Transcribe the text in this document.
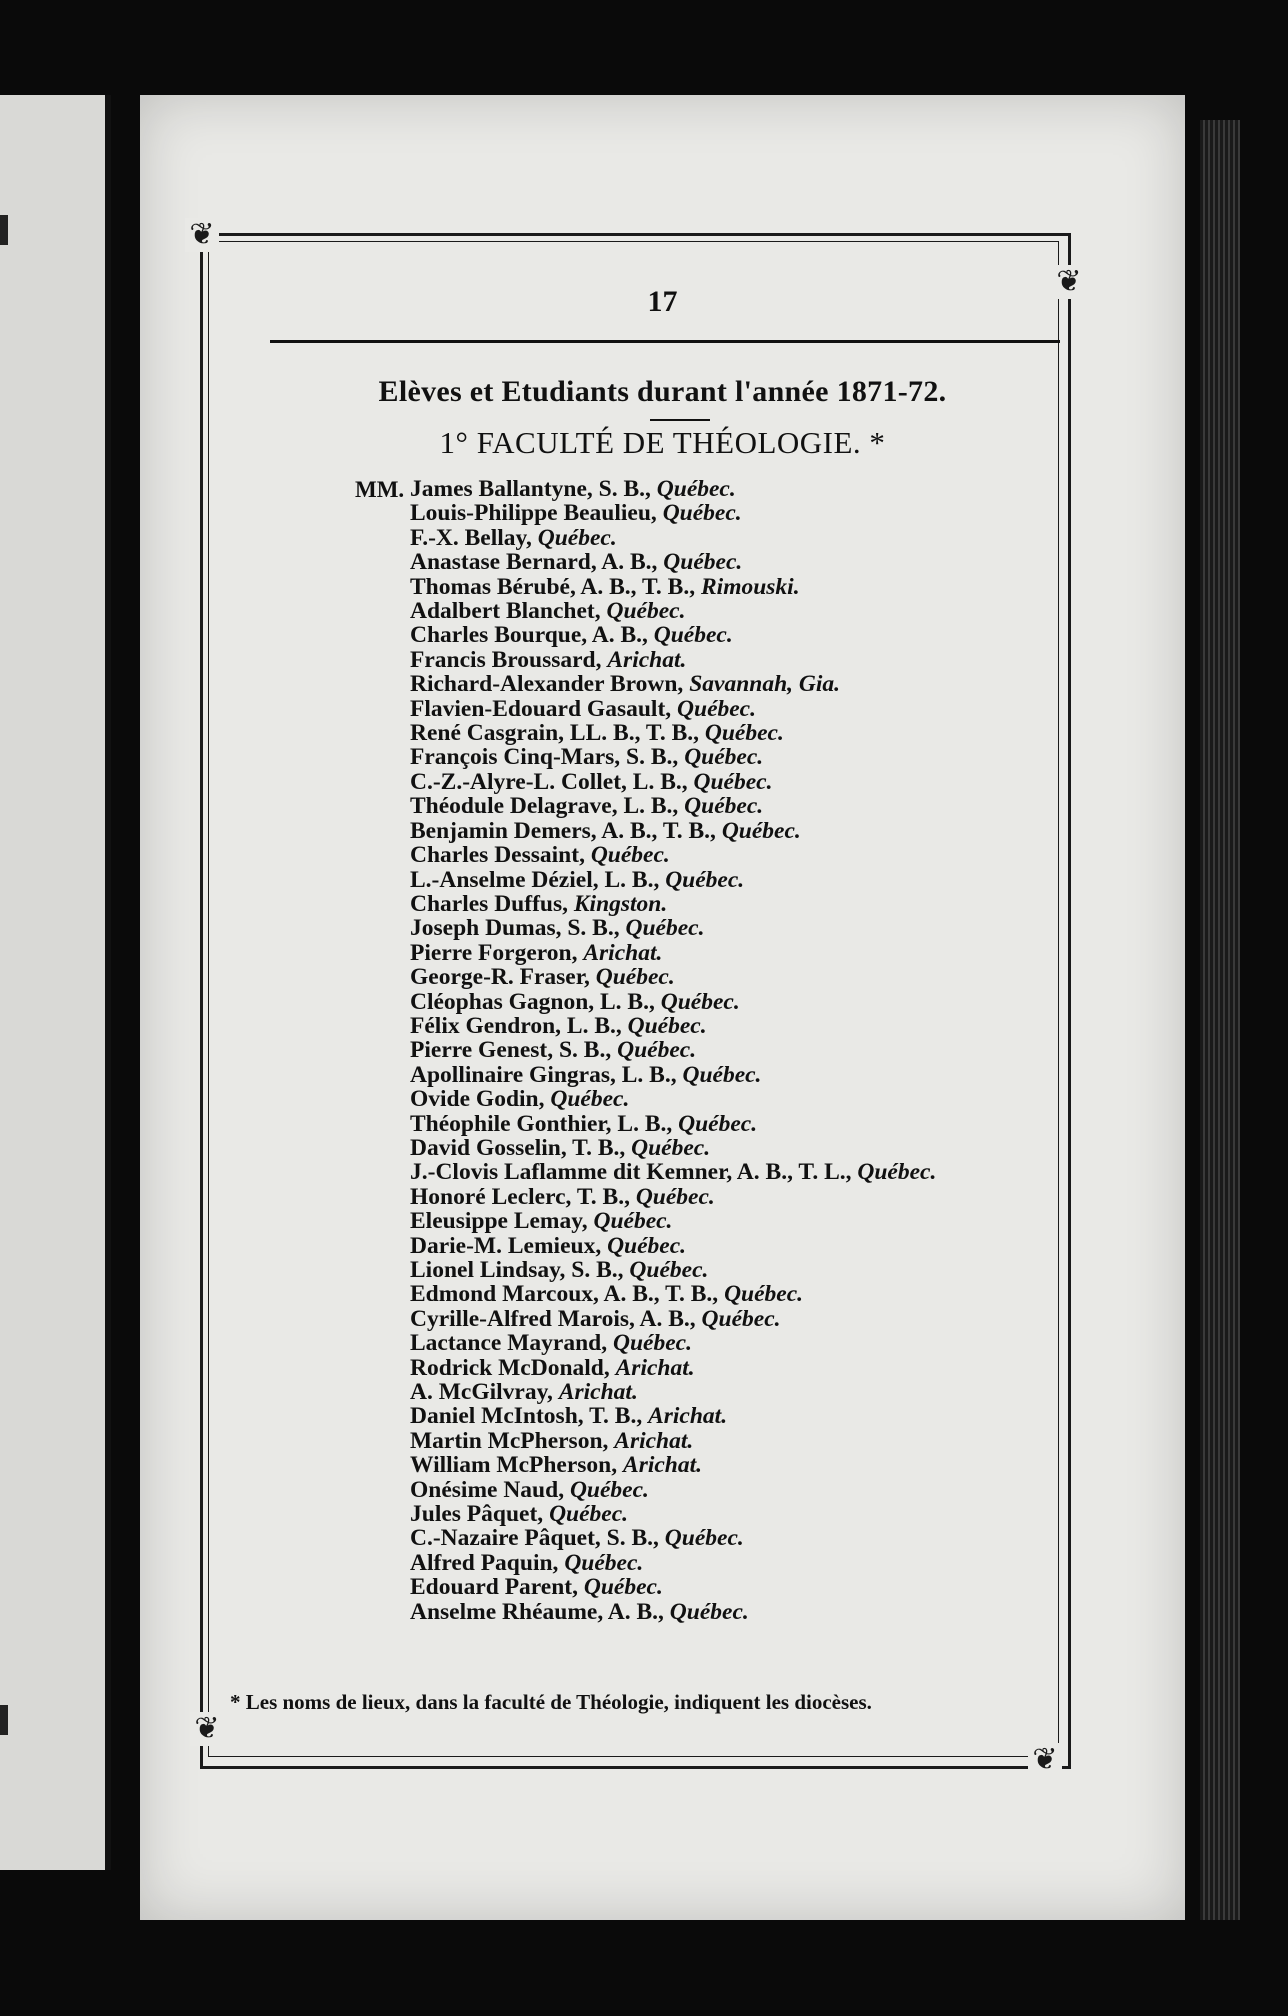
❦
❦
❦
❦
17
Elèves et Etudiants durant l'année 1871-72.
1° FACULTÉ DE THÉOLOGIE. *
MM. James Ballantyne, S. B., Québec.
Louis-Philippe Beaulieu, Québec.
F.-X. Bellay, Québec.
Anastase Bernard, A. B., Québec.
Thomas Bérubé, A. B., T. B., Rimouski.
Adalbert Blanchet, Québec.
Charles Bourque, A. B., Québec.
Francis Broussard, Arichat.
Richard-Alexander Brown, Savannah, Gia.
Flavien-Edouard Gasault, Québec.
René Casgrain, LL. B., T. B., Québec.
François Cinq-Mars, S. B., Québec.
C.-Z.-Alyre-L. Collet, L. B., Québec.
Théodule Delagrave, L. B., Québec.
Benjamin Demers, A. B., T. B., Québec.
Charles Dessaint, Québec.
L.-Anselme Déziel, L. B., Québec.
Charles Duffus, Kingston.
Joseph Dumas, S. B., Québec.
Pierre Forgeron, Arichat.
George-R. Fraser, Québec.
Cléophas Gagnon, L. B., Québec.
Félix Gendron, L. B., Québec.
Pierre Genest, S. B., Québec.
Apollinaire Gingras, L. B., Québec.
Ovide Godin, Québec.
Théophile Gonthier, L. B., Québec.
David Gosselin, T. B., Québec.
J.-Clovis Laflamme dit Kemner, A. B., T. L., Québec.
Honoré Leclerc, T. B., Québec.
Eleusippe Lemay, Québec.
Darie-M. Lemieux, Québec.
Lionel Lindsay, S. B., Québec.
Edmond Marcoux, A. B., T. B., Québec.
Cyrille-Alfred Marois, A. B., Québec.
Lactance Mayrand, Québec.
Rodrick McDonald, Arichat.
A. McGilvray, Arichat.
Daniel McIntosh, T. B., Arichat.
Martin McPherson, Arichat.
William McPherson, Arichat.
Onésime Naud, Québec.
Jules Pâquet, Québec.
C.-Nazaire Pâquet, S. B., Québec.
Alfred Paquin, Québec.
Edouard Parent, Québec.
Anselme Rhéaume, A. B., Québec.
* Les noms de lieux, dans la faculté de Théologie, indiquent les diocèses.
